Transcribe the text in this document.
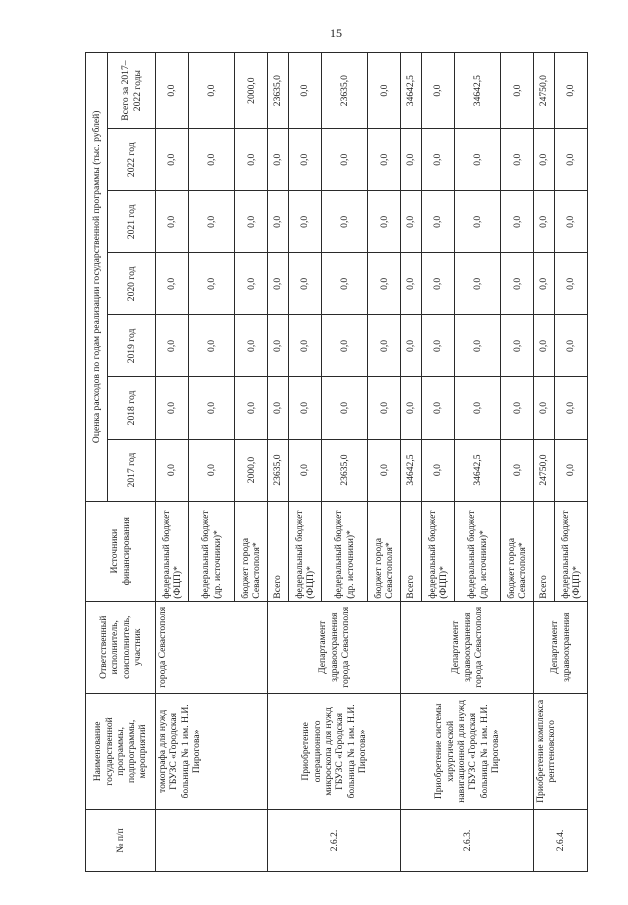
15
№ п/п	Наименование государственной программы, подпрограммы, мероприятий	Ответственный исполнитель, соисполнитель, участник	Источники финансирования	Оценка расходов по годам реализации государственной программы (тыс. рублей)						
				2017 год	2018 год	2019 год	2020 год	2021 год	2022 год	Всего за 2017–2022 годы
	томографа для нужд ГБУЗС «Городская больница № 1 им. Н.И. Пирогова»	города Севастополя	федеральный бюджет (ФЦП)*	0,0	0,0	0,0	0,0	0,0	0,0	0,0
			федеральный бюджет (др. источники)*	0,0	0,0	0,0	0,0	0,0	0,0	0,0
			бюджет города Севастополя*	2000,0	0,0	0,0	0,0	0,0	0,0	2000,0
2.6.2.	Приобретение операционного микроскопа для нужд ГБУЗС «Городская больница № 1 им. Н.И. Пирогова»	Департамент здравоохранения города Севастополя	Всего	23635,0	0,0	0,0	0,0	0,0	0,0	23635,0
			федеральный бюджет (ФЦП)*	0,0	0,0	0,0	0,0	0,0	0,0	0,0
			федеральный бюджет (др. источники)*	23635,0	0,0	0,0	0,0	0,0	0,0	23635,0
			бюджет города Севастополя*	0,0	0,0	0,0	0,0	0,0	0,0	0,0
2.6.3.	Приобретение системы хирургической навигационной для нужд ГБУЗС «Городская больница № 1 им. Н.И. Пирогова»	Департамент здравоохранения города Севастополя	Всего	34642,5	0,0	0,0	0,0	0,0	0,0	34642,5
			федеральный бюджет (ФЦП)*	0,0	0,0	0,0	0,0	0,0	0,0	0,0
			федеральный бюджет (др. источники)*	34642,5	0,0	0,0	0,0	0,0	0,0	34642,5
			бюджет города Севастополя*	0,0	0,0	0,0	0,0	0,0	0,0	0,0
2.6.4.	Приобретение комплекса рентгеновского	Департамент здравоохранения	Всего	24750,0	0,0	0,0	0,0	0,0	0,0	24750,0
			федеральный бюджет (ФЦП)*	0,0	0,0	0,0	0,0	0,0	0,0	0,0
